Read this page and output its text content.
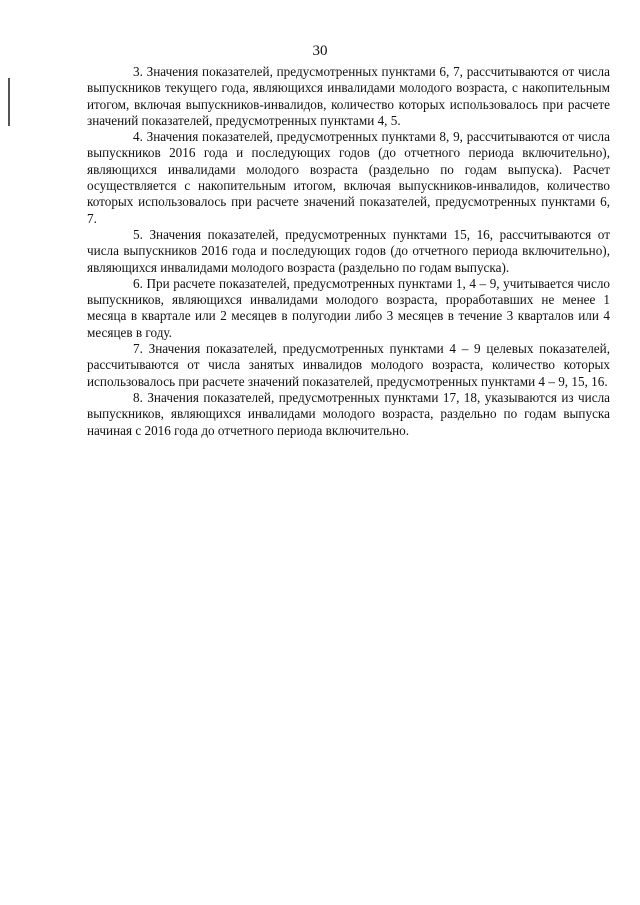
30

3. Значения показателей, предусмотренных пунктами 6, 7, рассчитываются от числа выпускников текущего года, являющихся инвалидами молодого возраста, с накопительным итогом, включая выпускников-инвалидов, количество которых использовалось при расчете значений показателей, предусмотренных пунктами 4, 5.

4. Значения показателей, предусмотренных пунктами 8, 9, рассчитываются от числа выпускников 2016 года и последующих годов (до отчетного периода включительно), являющихся инвалидами молодого возраста (раздельно по годам выпуска). Расчет осуществляется с накопительным итогом, включая выпускников-инвалидов, количество которых использовалось при расчете значений показателей, предусмотренных пунктами 6, 7.

5. Значения показателей, предусмотренных пунктами 15, 16, рассчитываются от числа выпускников 2016 года и последующих годов (до отчетного периода включительно), являющихся инвалидами молодого возраста (раздельно по годам выпуска).

6. При расчете показателей, предусмотренных пунктами 1, 4 – 9, учитывается число выпускников, являющихся инвалидами молодого возраста, проработавших не менее 1 месяца в квартале или 2 месяцев в полугодии либо 3 месяцев в течение 3 кварталов или 4 месяцев в году.

7. Значения показателей, предусмотренных пунктами 4 – 9 целевых показателей, рассчитываются от числа занятых инвалидов молодого возраста, количество которых использовалось при расчете значений показателей, предусмотренных пунктами 4 – 9, 15, 16.

8. Значения показателей, предусмотренных пунктами 17, 18, указываются из числа выпускников, являющихся инвалидами молодого возраста, раздельно по годам выпуска начиная с 2016 года до отчетного периода включительно.
